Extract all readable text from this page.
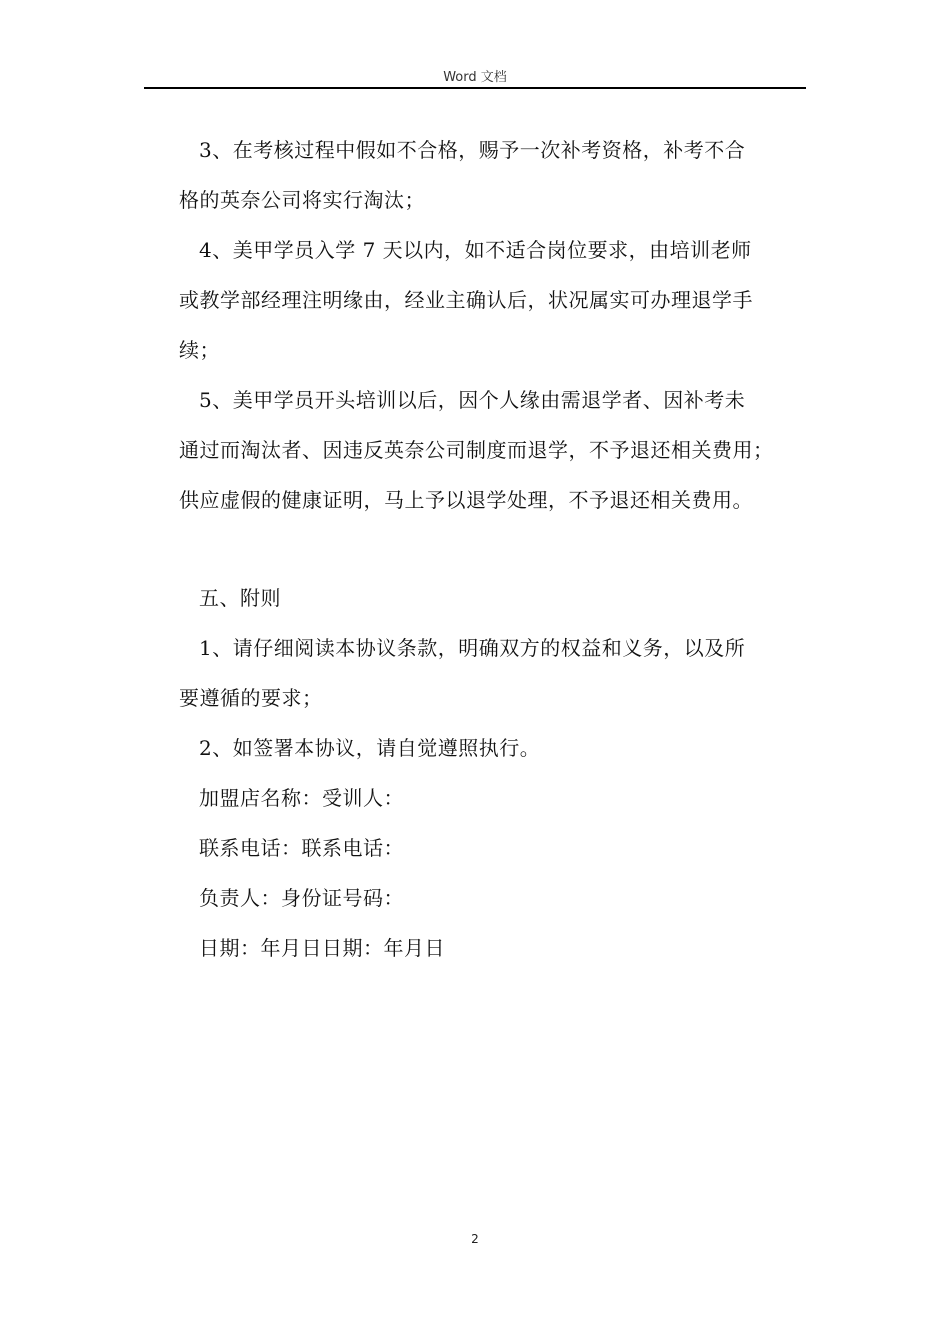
Word 文档
3、在考核过程中假如不合格，赐予一次补考资格，补考不合
格的英奈公司将实行淘汰；
4、美甲学员入学 7 天以内，如不适合岗位要求，由培训老师
或教学部经理注明缘由，经业主确认后，状况属实可办理退学手
续；
5、美甲学员开头培训以后，因个人缘由需退学者、因补考未
通过而淘汰者、因违反英奈公司制度而退学，不予退还相关费用；
供应虚假的健康证明，马上予以退学处理，不予退还相关费用。
五、附则
1、请仔细阅读本协议条款，明确双方的权益和义务，以及所
要遵循的要求；
2、如签署本协议，请自觉遵照执行。
加盟店名称：受训人：
联系电话：联系电话：
负责人：身份证号码：
日期：年月日日期：年月日
2
